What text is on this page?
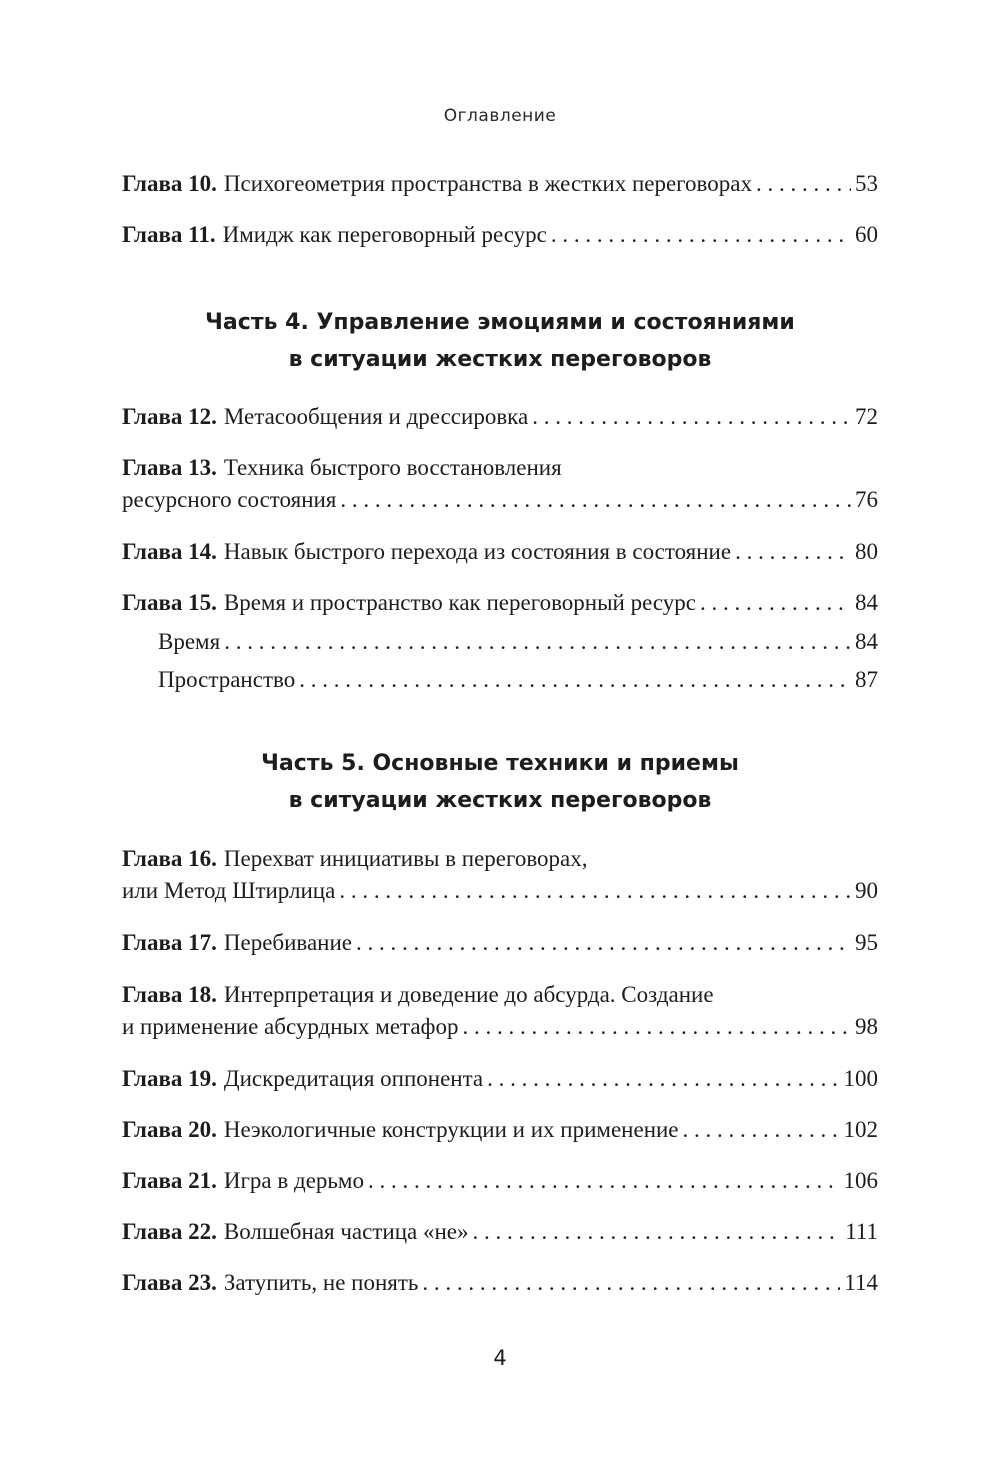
Оглавление
Глава 10. Психогеометрия пространства в жестких переговорах . . .	53
Глава 11. Имидж как переговорный ресурс . . .	60
Часть 4. Управление эмоциями и состояниями
в ситуации жестких переговоров
Глава 12. Метасообщения и дрессировка . . .	72
Глава 13. Техника быстрого восстановления
ресурсного состояния . . .	76
Глава 14. Навык быстрого перехода из состояния в состояние . . .	80
Глава 15. Время и пространство как переговорный ресурс . . .	84
Время . . .	84
Пространство . . .	87
Часть 5. Основные техники и приемы
в ситуации жестких переговоров
Глава 16. Перехват инициативы в переговорах,
или Метод Штирлица . . .	90
Глава 17. Перебивание . . .	95
Глава 18. Интерпретация и доведение до абсурда. Создание
и применение абсурдных метафор . . .	98
Глава 19. Дискредитация оппонента . . .	100
Глава 20. Неэкологичные конструкции и их применение . . .	102
Глава 21. Игра в дерьмо . . .	106
Глава 22. Волшебная частица «не» . . .	111
Глава 23. Затупить, не понять . . .	114
4
